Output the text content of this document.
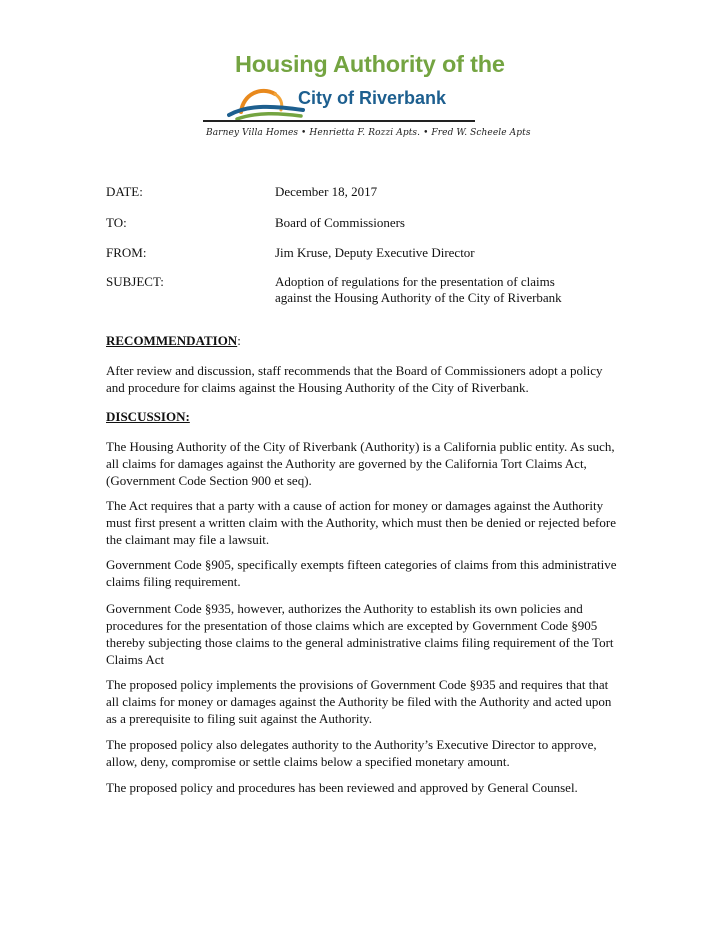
Housing Authority of the
City of Riverbank
Barney Villa Homes • Henrietta F. Rozzi Apts. • Fred W. Scheele Apts
DATE:	December 18, 2017
TO:	Board of Commissioners
FROM:	Jim Kruse, Deputy Executive Director
SUBJECT:	Adoption of regulations for the presentation of claims
against the Housing Authority of the City of Riverbank
RECOMMENDATION:

After review and discussion, staff recommends that the Board of Commissioners adopt a policy and procedure for claims against the Housing Authority of the City of Riverbank.

DISCUSSION:

The Housing Authority of the City of Riverbank (Authority) is a California public entity. As such, all claims for damages against the Authority are governed by the California Tort Claims Act, (Government Code Section 900 et seq).

The Act requires that a party with a cause of action for money or damages against the Authority must first present a written claim with the Authority, which must then be denied or rejected before the claimant may file a lawsuit.

Government Code §905, specifically exempts fifteen categories of claims from this administrative claims filing requirement.

Government Code §935, however, authorizes the Authority to establish its own policies and procedures for the presentation of those claims which are excepted by Government Code §905 thereby subjecting those claims to the general administrative claims filing requirement of the Tort Claims Act

The proposed policy implements the provisions of Government Code §935 and requires that that all claims for money or damages against the Authority be filed with the Authority and acted upon as a prerequisite to filing suit against the Authority.

The proposed policy also delegates authority to the Authority’s Executive Director to approve, allow, deny, compromise or settle claims below a specified monetary amount.

The proposed policy and procedures has been reviewed and approved by General Counsel.
